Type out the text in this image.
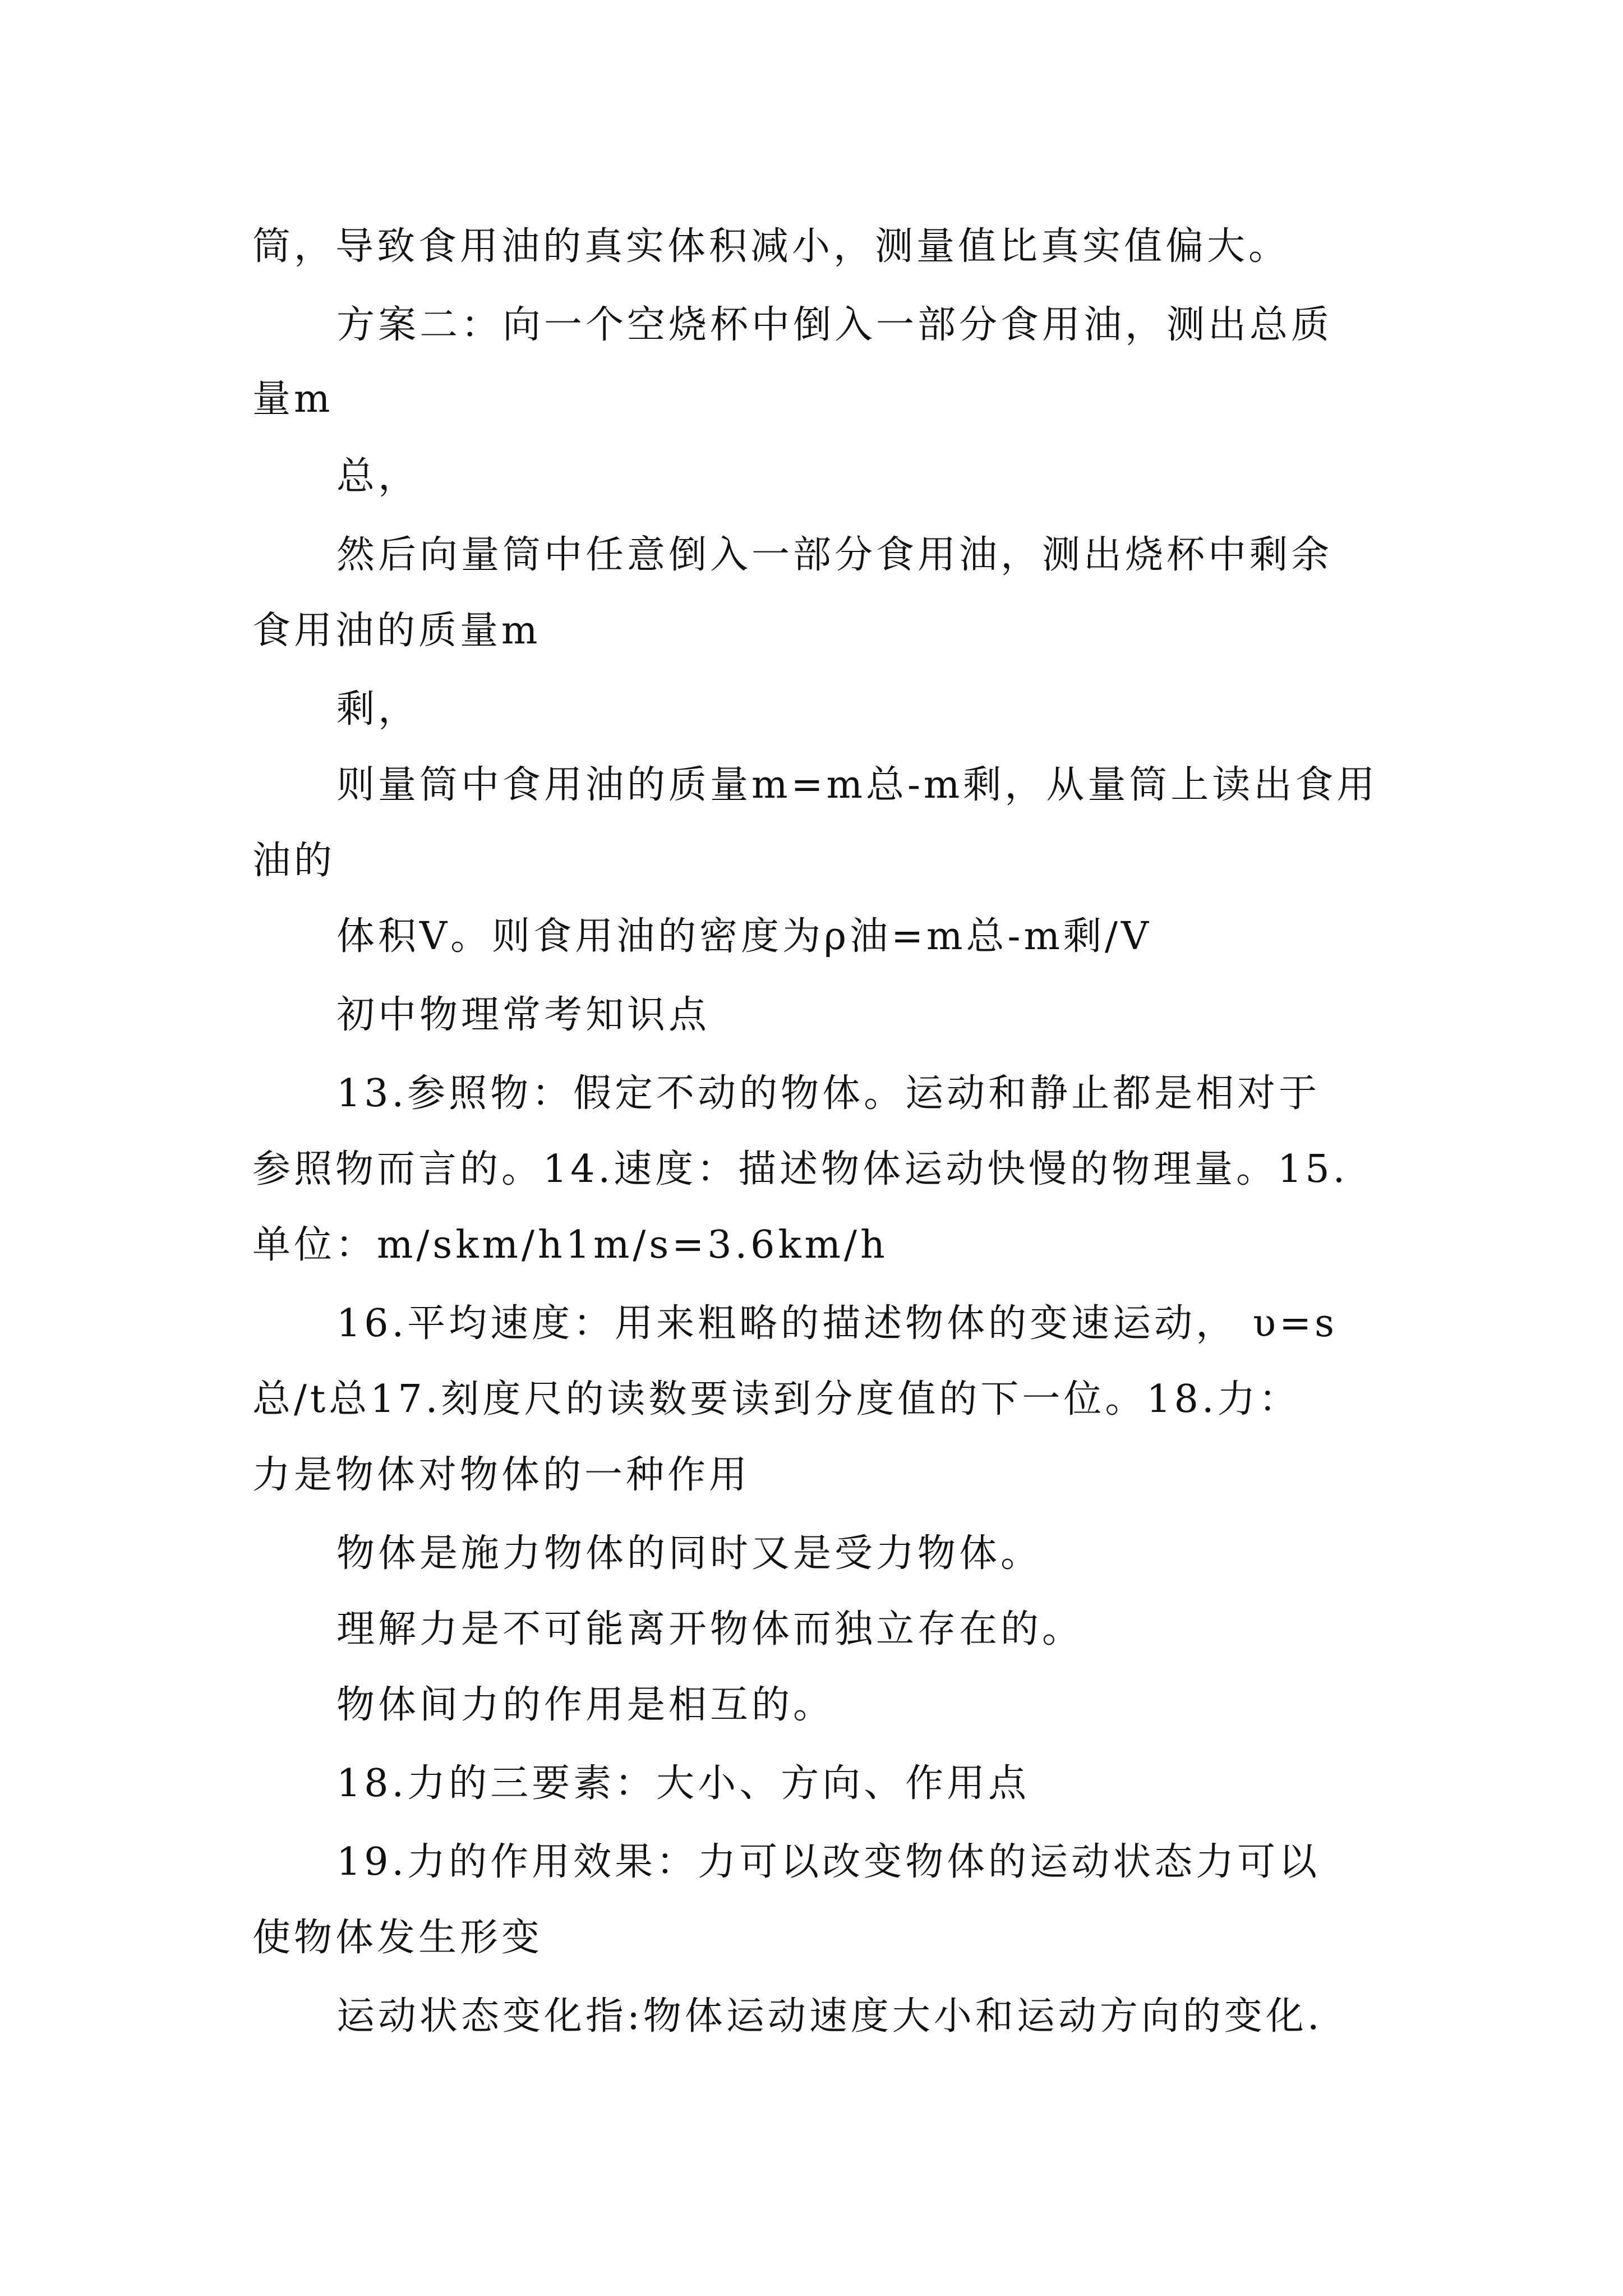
筒，导致食用油的真实体积减小，测量值比真实值偏大。
方案二：向一个空烧杯中倒入一部分食用油，测出总质
量m
总，
然后向量筒中任意倒入一部分食用油，测出烧杯中剩余
食用油的质量m
剩，
则量筒中食用油的质量m=m总-m剩，从量筒上读出食用
油的
体积V。则食用油的密度为ρ油=m总-m剩/V
初中物理常考知识点
13.参照物：假定不动的物体。运动和静止都是相对于
参照物而言的。14.速度：描述物体运动快慢的物理量。15.
单位：m/skm/h1m/s=3.6km/h
16.平均速度：用来粗略的描述物体的变速运动， υ=s
总/t总17.刻度尺的读数要读到分度值的下一位。18.力：
力是物体对物体的一种作用
物体是施力物体的同时又是受力物体。
理解力是不可能离开物体而独立存在的。
物体间力的作用是相互的。
18.力的三要素：大小、方向、作用点
19.力的作用效果：力可以改变物体的运动状态力可以
使物体发生形变
运动状态变化指:物体运动速度大小和运动方向的变化.
